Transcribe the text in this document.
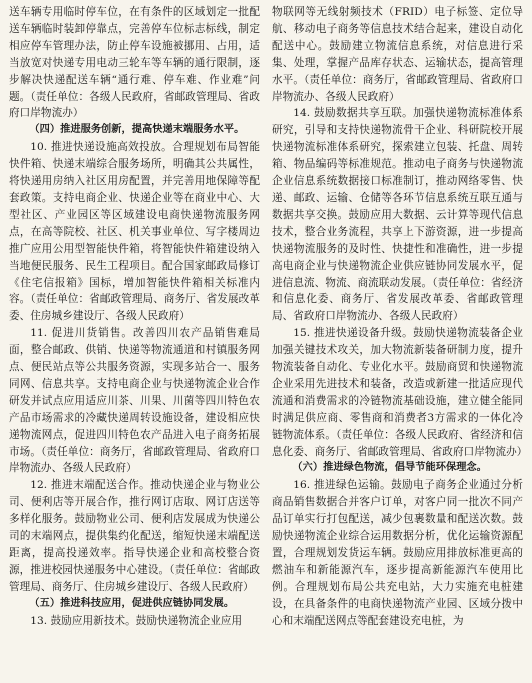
送车辆专用临时停车位，在有条件的区域划定一批配送车辆临时装卸停靠点，完善停车位标志标线，制定相应停车管理办法，防止停车设施被挪用、占用，适当放宽对快递专用电动三轮车等车辆的通行限制，逐步解决快递配送车辆“通行难、停车难、作业难”问题。（责任单位：各级人民政府，省邮政管理局、省政府口岸物流办）

（四）推进服务创新，提高快递末端服务水平。

10. 推进快递设施高效投放。合理规划布局智能快件箱、快递末端综合服务场所，明确其公共属性，将快递用房纳入社区用房配置，并完善用地保障等配套政策。支持电商企业、快递企业等在商业中心、大型社区、产业园区等区域建设电商快递物流服务网点，在高等院校、社区、机关事业单位、写字楼周边推广应用公用型智能快件箱，将智能快件箱建设纳入当地便民服务、民生工程项目。配合国家邮政局修订《住宅信报箱》国标，增加智能快件箱相关标准内容。（责任单位：省邮政管理局、商务厅、省发展改革委、住房城乡建设厅、各级人民政府）

11. 促进川货销售。改善四川农产品销售难局面，整合邮政、供销、快递等物流通道和村镇服务网点、便民站点等公共服务资源，实现多站合一、服务同网、信息共享。支持电商企业与快递物流企业合作研发并试点应用适应川茶、川果、川菌等四川特色农产品市场需求的冷藏快递周转设施设备，建设相应快递物流网点，促进四川特色农产品进入电子商务拓展市场。（责任单位：商务厅，省邮政管理局、省政府口岸物流办、各级人民政府）

12. 推进末端配送合作。推动快递企业与物业公司、便利店等开展合作，推行网订店取、网订店送等多样化服务。鼓励物业公司、便利店发展成为快递公司的末端网点，提供集约化配送，缩短快递末端配送距离，提高投递效率。指导快递企业和高校整合资源，推进校园快递服务中心建设。（责任单位：省邮政管理局、商务厅、住房城乡建设厅、各级人民政府）

（五）推进科技应用，促进供应链协同发展。

13. 鼓励应用新技术。鼓励快递物流企业应用

物联网等无线射频技术（FRID）电子标签、定位导航、移动电子商务等信息技术结合起来，建设自动化配送中心。鼓励建立物流信息系统，对信息进行采集、处理，掌握产品库存状态、运输状态，提高管理水平。（责任单位：商务厅，省邮政管理局、省政府口岸物流办、各级人民政府）

14. 鼓励数据共享互联。加强快递物流标准体系研究，引导和支持快递物流骨干企业、科研院校开展快递物流标准体系研究，探索建立包装、托盘、周转箱、物品编码等标准规范。推动电子商务与快递物流企业信息系统数据接口标准制订，推动网络零售、快递、邮政、运输、仓储等各环节信息系统互联互通与数据共享交换。鼓励应用大数据、云计算等现代信息技术，整合业务流程，共享上下游资源，进一步提高快递物流服务的及时性、快捷性和准确性，进一步提高电商企业与快递物流企业供应链协同发展水平，促进信息流、物流、商流联动发展。（责任单位：省经济和信息化委、商务厅、省发展改革委、省邮政管理局、省政府口岸物流办、各级人民政府）

15. 推进快递设备升级。鼓励快递物流装备企业加强关键技术攻关，加大物流新装备研制力度，提升物流装备自动化、专业化水平。鼓励商贸和快递物流企业采用先进技术和装备，改造或新建一批适应现代流通和消费需求的冷链物流基础设施，建立健全能同时满足供应商、零售商和消费者3方需求的一体化冷链物流体系。（责任单位：各级人民政府、省经济和信息化委、商务厅、省邮政管理局、省政府口岸物流办）

（六）推进绿色物流，倡导节能环保理念。

16. 推进绿色运输。鼓励电子商务企业通过分析商品销售数据合并客户订单，对客户同一批次不同产品订单实行打包配送，减少包裹数量和配送次数。鼓励快递物流企业综合运用数据分析，优化运输资源配置，合理规划发货运车辆。鼓励应用排放标准更高的燃油车和新能源汽车，逐步提高新能源汽车使用比例。合理规划布局公共充电站，大力实施充电桩建设，在具备条件的电商快递物流产业园、区域分拨中心和末端配送网点等配套建设充电桩，为
